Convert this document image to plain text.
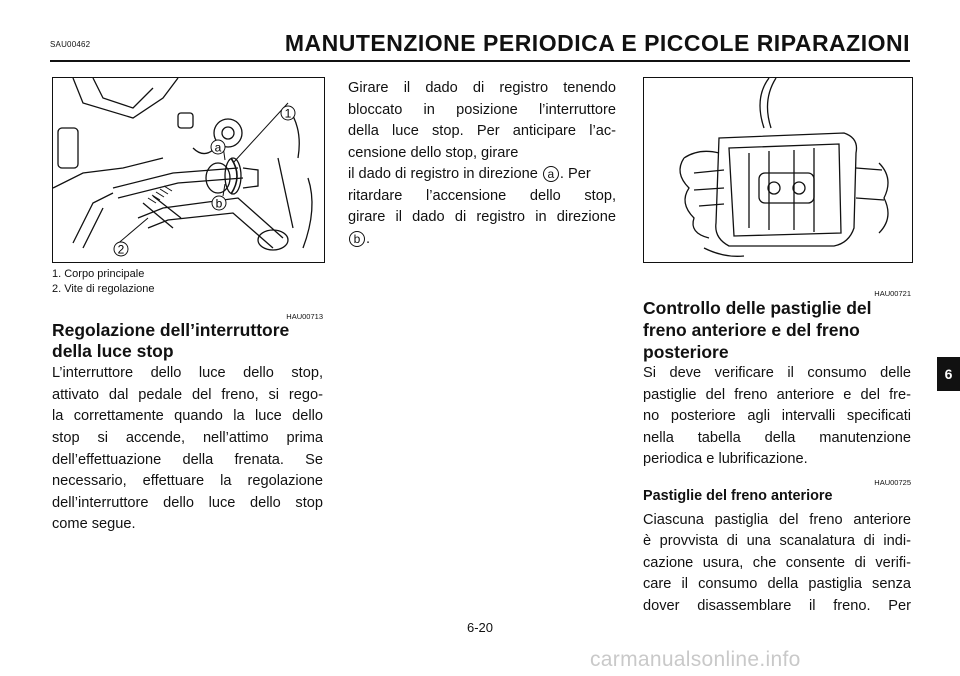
SAU00462	MANUTENZIONE PERIODICA E PICCOLE RIPARAZIONI
1
2
a
b
1. Corpo principale
2. Vite di regolazione
HAU00713
Regolazione dell’interruttore
della luce stop

L’interruttore dello luce dello stop,

attivato dal pedale del freno, si rego-

la correttamente quando la luce dello

stop si accende, nell’attimo prima

dell’effettuazione della frenata. Se

necessario, effettuare la regolazione

dell’interruttore dello luce dello stop

come segue.

Girare il dado di registro tenendo

bloccato in posizione l’interruttore

della luce stop. Per anticipare l’ac-

censione dello stop, girare

il dado di registro in direzione a . Per

ritardare l’accensione dello stop,

girare il dado di registro in direzione

b .

HAU00721
Controllo delle pastiglie del
freno anteriore e del freno
posteriore

Si deve verificare il consumo delle

pastiglie del freno anteriore e del fre-

no posteriore agli intervalli specificati

nella tabella della manutenzione

periodica e lubrificazione.

HAU00725

Pastiglie del freno anteriore

Ciascuna pastiglia del freno anteriore

è provvista di una scanalatura di indi-

cazione usura, che consente di verifi-

care il consumo della pastiglia senza

dover disassemblare il freno. Per

6
6-20
carmanualsonline.info
